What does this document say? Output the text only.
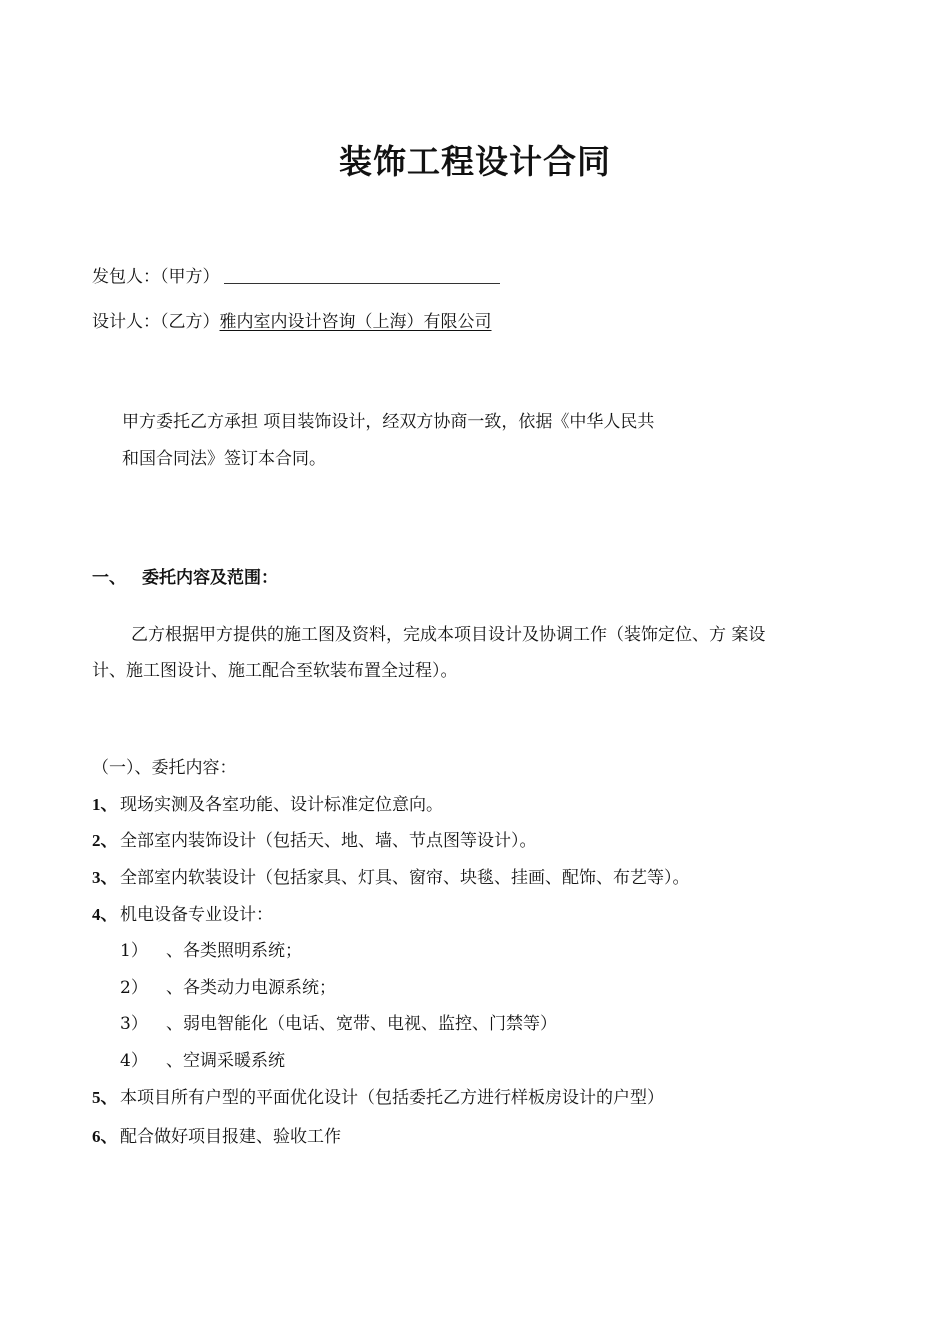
装饰工程设计合同
发包人：（甲方）
设计人：（乙方）雅内室内设计咨询（上海）有限公司
甲方委托乙方承担 项目装饰设计，经双方协商一致，依据《中华人民共
和国合同法》签订本合同。
一、 委托内容及范围：
乙方根据甲方提供的施工图及资料，完成本项目设计及协调工作（装饰定位、方 案设
计、施工图设计、施工配合至软装布置全过程）。
（一）、委托内容：
1、 现场实测及各室功能、设计标准定位意向。
2、 全部室内装饰设计（包括天、地、墙、节点图等设计）。
3、 全部室内软装设计（包括家具、灯具、窗帘、块毯、挂画、配饰、布艺等）。
4、 机电设备专业设计：
1） 、各类照明系统；
2） 、各类动力电源系统；
3） 、弱电智能化（电话、宽带、电视、监控、门禁等）
4） 、空调采暖系统
5、 本项目所有户型的平面优化设计（包括委托乙方进行样板房设计的户型）
6、 配合做好项目报建、验收工作
